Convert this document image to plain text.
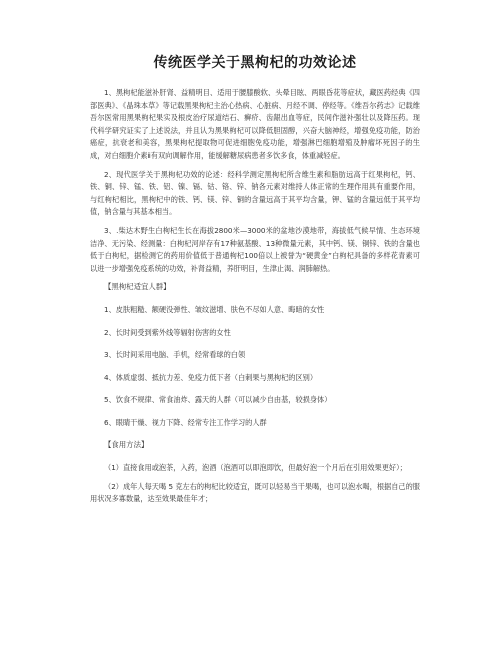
传统医学关于黑枸杞的功效论述

1、黑枸杞能滋补肝肾、益精明目、适用于腰膝酸软、头晕目眩、两眼昏花等症状，藏医药经典《四部医典》、《晶珠本草》等记载黑果枸杞主治心热病、心脏病、月经不调、停经等。《维吾尔药志》记载维吾尔医常用黑果枸杞果实及根皮治疗尿道结石、癣疥、齿龈出血等症，民间作滋补强壮以及降压药。现代科学研究证实了上述说法，并且认为黑果枸杞可以降低胆固醇，兴奋大脑神经，增强免疫功能，防治癌症，抗衰老和美容，黑果枸杞提取物可促进细胞免疫功能，增强淋巴细胞增殖及肿瘤坏死因子的生成，对白细胞介素ⅱ有双向调解作用，能缓解糖尿病患者多饮多食，体重减轻症。

2、现代医学关于黑枸杞功效的论述：经科学测定黑枸杞所含维生素和脂肪远高于红果枸杞，钙、铁、铜、锌、锰、铁、铝、镍、镉、钴、铬、锌、钠各元素对维持人体正常的生理作用具有重要作用，与红枸杞相比，黑枸杞中的铁、钙、镁、锌、铜的含量远高于其平均含量，钾、锰的含量远低于其平均值，钠含量与其基本相当。

3、.柴达木野生白枸杞生长在海拔2800米—3000米的盆地沙漠地带，海拔低气候早情、生态环境洁净、无污染、经测量：白枸杞河岸存有17种氨基酸、13种微量元素，其中钙、镁、铜锌、铁的含量也低于白枸杞，据检测它的药用价值低于普通枸杞100倍以上被誉为“硬黄金”白枸杞具备的多样花青素可以进一步增强免疫系统的功效，补肾益精，养肝明目，生津止渴、润肺解热。

【黑枸杞适宜人群】
1、皮肤粗糙、额硬没弹性、皱纹滋增、肤色不尽如人意、晦暗的女性
2、长时间受到紫外线等辐射伤害的女性
3、长时间采用电脑、手机，经常看球的白领
4、体质虚弱、抵抗力差、免疫力低下者（白刺果与黑枸杞的区别）
5、饮食不规律、常食油炸、露天的人群（可以减少自由基，较损身体）
6、眼睛干燥、视力下降、经常专注工作学习的人群
【食用方法】

（1）直接食用或泡茶，入药，泡酒（泡酒可以即泡即饮，但最好泡一个月后在引用效果更好）；

（2）成年人每天喝 5 克左右的枸杞比较适宜，既可以轻易当干果喝，也可以泡水喝，根据自己的服用状况多寡数量，达至效果最佳年才；
